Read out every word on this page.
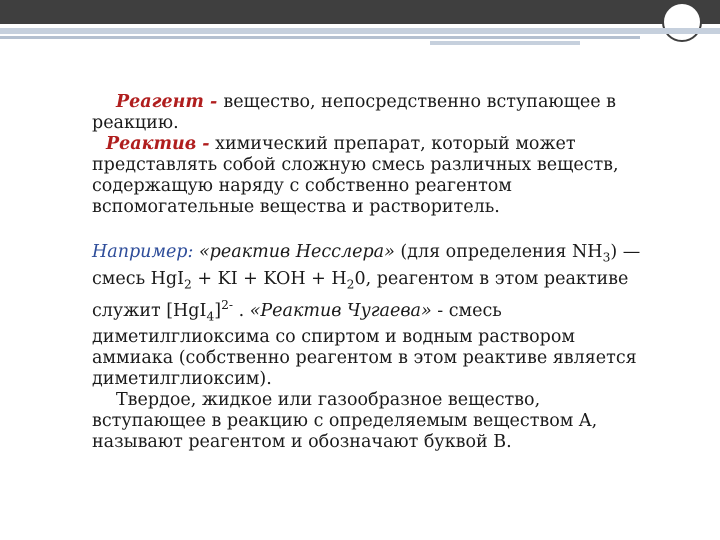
Реагент - вещество, непосредственно вступающее в реакцию.

Реактив - химический препарат, который может представлять собой сложную смесь различных веществ, содержащую наряду с собственно реагентом вспомогательные вещества и растворитель.

Например: «реактив Несслера» (для определения $NH_3$) — смесь HgI$_2$ + KI + KOH + $H_20$, реагентом в этом реактиве служит $[HgI_4]^{2-}$ . «Реактив Чугаева» - смесь диметилглиоксима со спиртом и водным раствором аммиака (собственно реагентом в этом реактиве является диметилглиоксим).

Твердое, жидкое или газообразное вещество, вступающее в реакцию с определяемым веществом A, называют реагентом и обозначают буквой B.
